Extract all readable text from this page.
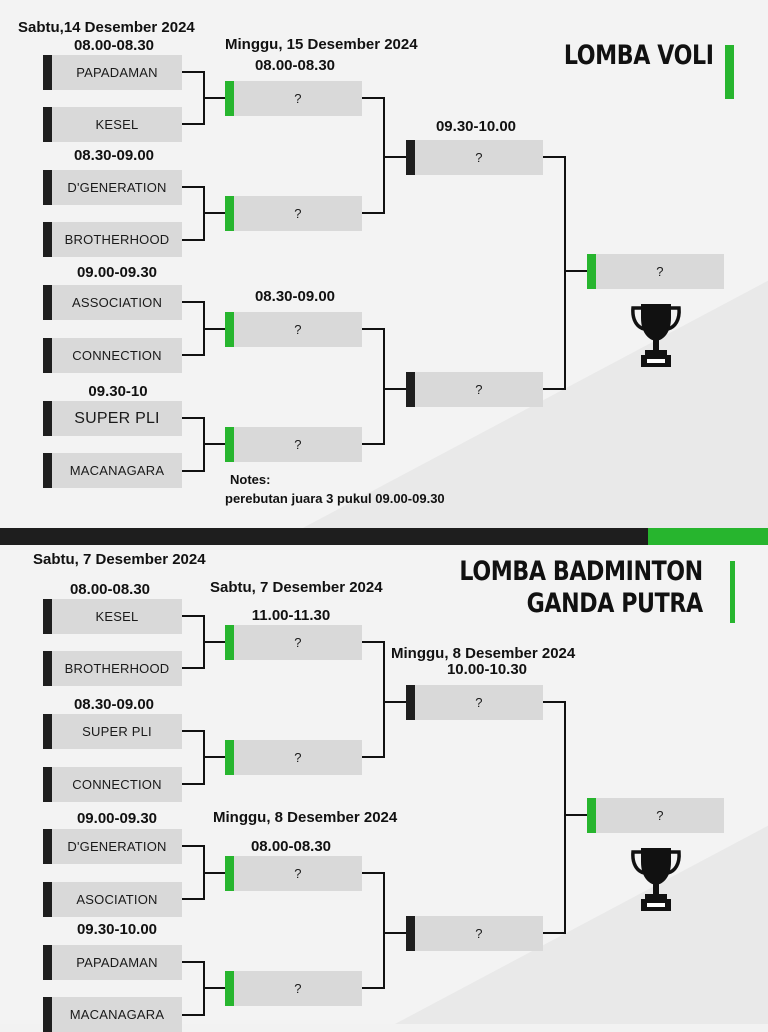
Sabtu,14 Desember 2024
Minggu, 15 Desember 2024	LOMBA VOLI
08.00-08.30
08.30-09.00
09.00-09.30
09.30-10
PAPADAMAN
KESEL
D'GENERATION
BROTHERHOOD
ASSOCIATION
CONNECTION
SUPER PLI
MACANAGARA
08.00-08.30
?
?
08.30-09.00
?
?
09.30-10.00
?
?
?
Notes:
perebutan juara 3 pukul 09.00-09.30
Sabtu, 7 Desember 2024	LOMBA BADMINTON
GANDA PUTRA
08.00-08.30
08.30-09.00
09.00-09.30
09.30-10.00
KESEL
BROTHERHOOD
SUPER PLI
CONNECTION
D'GENERATION
ASOCIATION
PAPADAMAN
MACANAGARA
Sabtu, 7 Desember 2024
11.00-11.30
?
?
Minggu, 8 Desember 2024
08.00-08.30
?
?
Minggu, 8 Desember 2024
10.00-10.30
?
?
?
